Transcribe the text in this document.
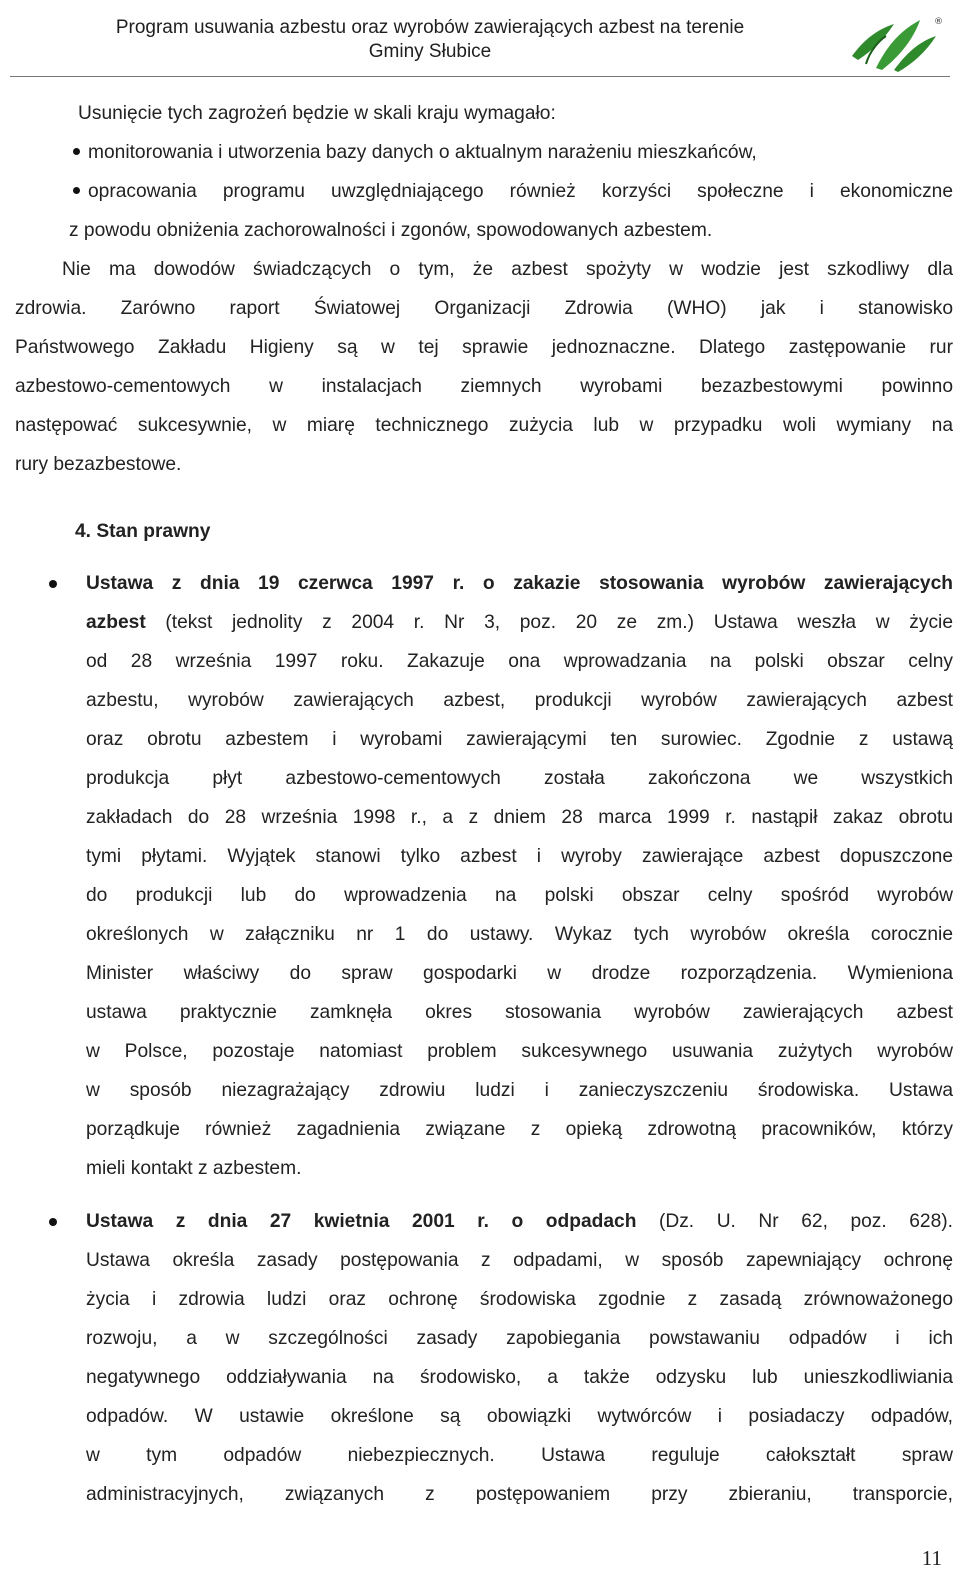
Program usuwania azbestu oraz wyrobów zawierających azbest na terenie
Gminy Słubice
®
Usunięcie tych zagrożeń będzie w skali kraju wymagało:
monitorowania i utworzenia bazy danych o aktualnym narażeniu mieszkańców,
opracowania programu uwzględniającego również korzyści społeczne i ekonomiczne
z powodu obniżenia zachorowalności i zgonów, spowodowanych azbestem.
Nie ma dowodów świadczących o tym, że azbest spożyty w wodzie jest szkodliwy dla
zdrowia. Zarówno raport Światowej Organizacji Zdrowia (WHO) jak i stanowisko
Państwowego Zakładu Higieny są w tej sprawie jednoznaczne. Dlatego zastępowanie rur
azbestowo-cementowych w instalacjach ziemnych wyrobami bezazbestowymi powinno
następować sukcesywnie, w miarę technicznego zużycia lub w przypadku woli wymiany na
rury bezazbestowe.
4. Stan prawny
Ustawa z dnia 19 czerwca 1997 r. o zakazie stosowania wyrobów zawierających
azbest (tekst jednolity z 2004 r. Nr 3, poz. 20 ze zm.) Ustawa weszła w życie
od 28 września 1997 roku. Zakazuje ona wprowadzania na polski obszar celny
azbestu, wyrobów zawierających azbest, produkcji wyrobów zawierających azbest
oraz obrotu azbestem i wyrobami zawierającymi ten surowiec. Zgodnie z ustawą
produkcja płyt azbestowo-cementowych została zakończona we wszystkich
zakładach do 28 września 1998 r., a z dniem 28 marca 1999 r. nastąpił zakaz obrotu
tymi płytami. Wyjątek stanowi tylko azbest i wyroby zawierające azbest dopuszczone
do produkcji lub do wprowadzenia na polski obszar celny spośród wyrobów
określonych w załączniku nr 1 do ustawy. Wykaz tych wyrobów określa corocznie
Minister właściwy do spraw gospodarki w drodze rozporządzenia. Wymieniona
ustawa praktycznie zamknęła okres stosowania wyrobów zawierających azbest
w Polsce, pozostaje natomiast problem sukcesywnego usuwania zużytych wyrobów
w sposób niezagrażający zdrowiu ludzi i zanieczyszczeniu środowiska. Ustawa
porządkuje również zagadnienia związane z opieką zdrowotną pracowników, którzy
mieli kontakt z azbestem.
Ustawa z dnia 27 kwietnia 2001 r. o odpadach (Dz. U. Nr 62, poz. 628).
Ustawa określa zasady postępowania z odpadami, w sposób zapewniający ochronę
życia i zdrowia ludzi oraz ochronę środowiska zgodnie z zasadą zrównoważonego
rozwoju, a w szczególności zasady zapobiegania powstawaniu odpadów i ich
negatywnego oddziaływania na środowisko, a także odzysku lub unieszkodliwiania
odpadów. W ustawie określone są obowiązki wytwórców i posiadaczy odpadów,
w tym odpadów niebezpiecznych. Ustawa reguluje całokształt spraw
administracyjnych, związanych z postępowaniem przy zbieraniu, transporcie,
11
